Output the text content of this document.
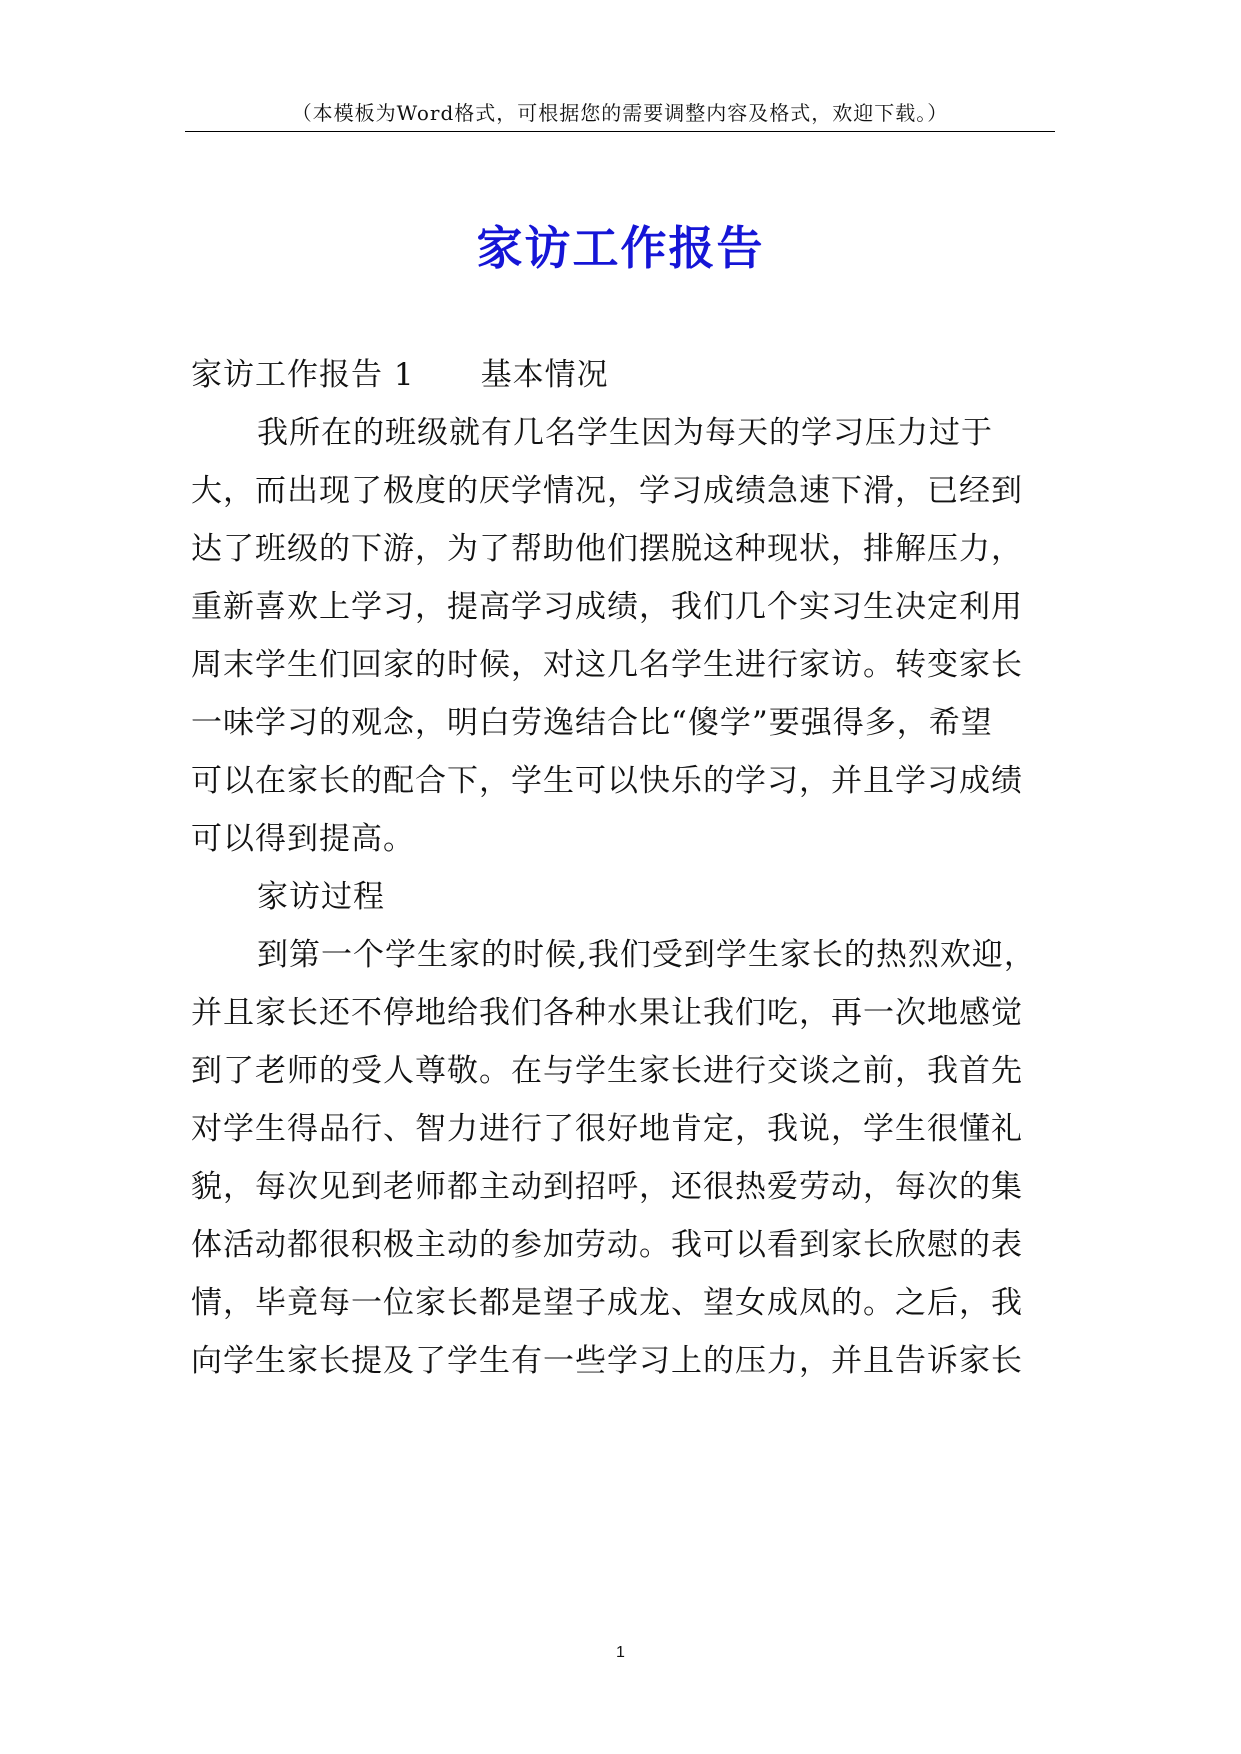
（本模板为Word格式，可根据您的需要调整内容及格式，欢迎下载。）
家访工作报告
家访工作报告 1 基本情况
我所在的班级就有几名学生因为每天的学习压力过于
大，而出现了极度的厌学情况，学习成绩急速下滑，已经到
达了班级的下游，为了帮助他们摆脱这种现状，排解压力，
重新喜欢上学习，提高学习成绩，我们几个实习生决定利用
周末学生们回家的时候，对这几名学生进行家访。转变家长
一味学习的观念，明白劳逸结合比“傻学”要强得多，希望
可以在家长的配合下，学生可以快乐的学习，并且学习成绩
可以得到提高。
家访过程
到第一个学生家的时候,我们受到学生家长的热烈欢迎，
并且家长还不停地给我们各种水果让我们吃，再一次地感觉
到了老师的受人尊敬。在与学生家长进行交谈之前，我首先
对学生得品行、智力进行了很好地肯定，我说，学生很懂礼
貌，每次见到老师都主动到招呼，还很热爱劳动，每次的集
体活动都很积极主动的参加劳动。我可以看到家长欣慰的表
情，毕竟每一位家长都是望子成龙、望女成凤的。之后，我
向学生家长提及了学生有一些学习上的压力，并且告诉家长
1
